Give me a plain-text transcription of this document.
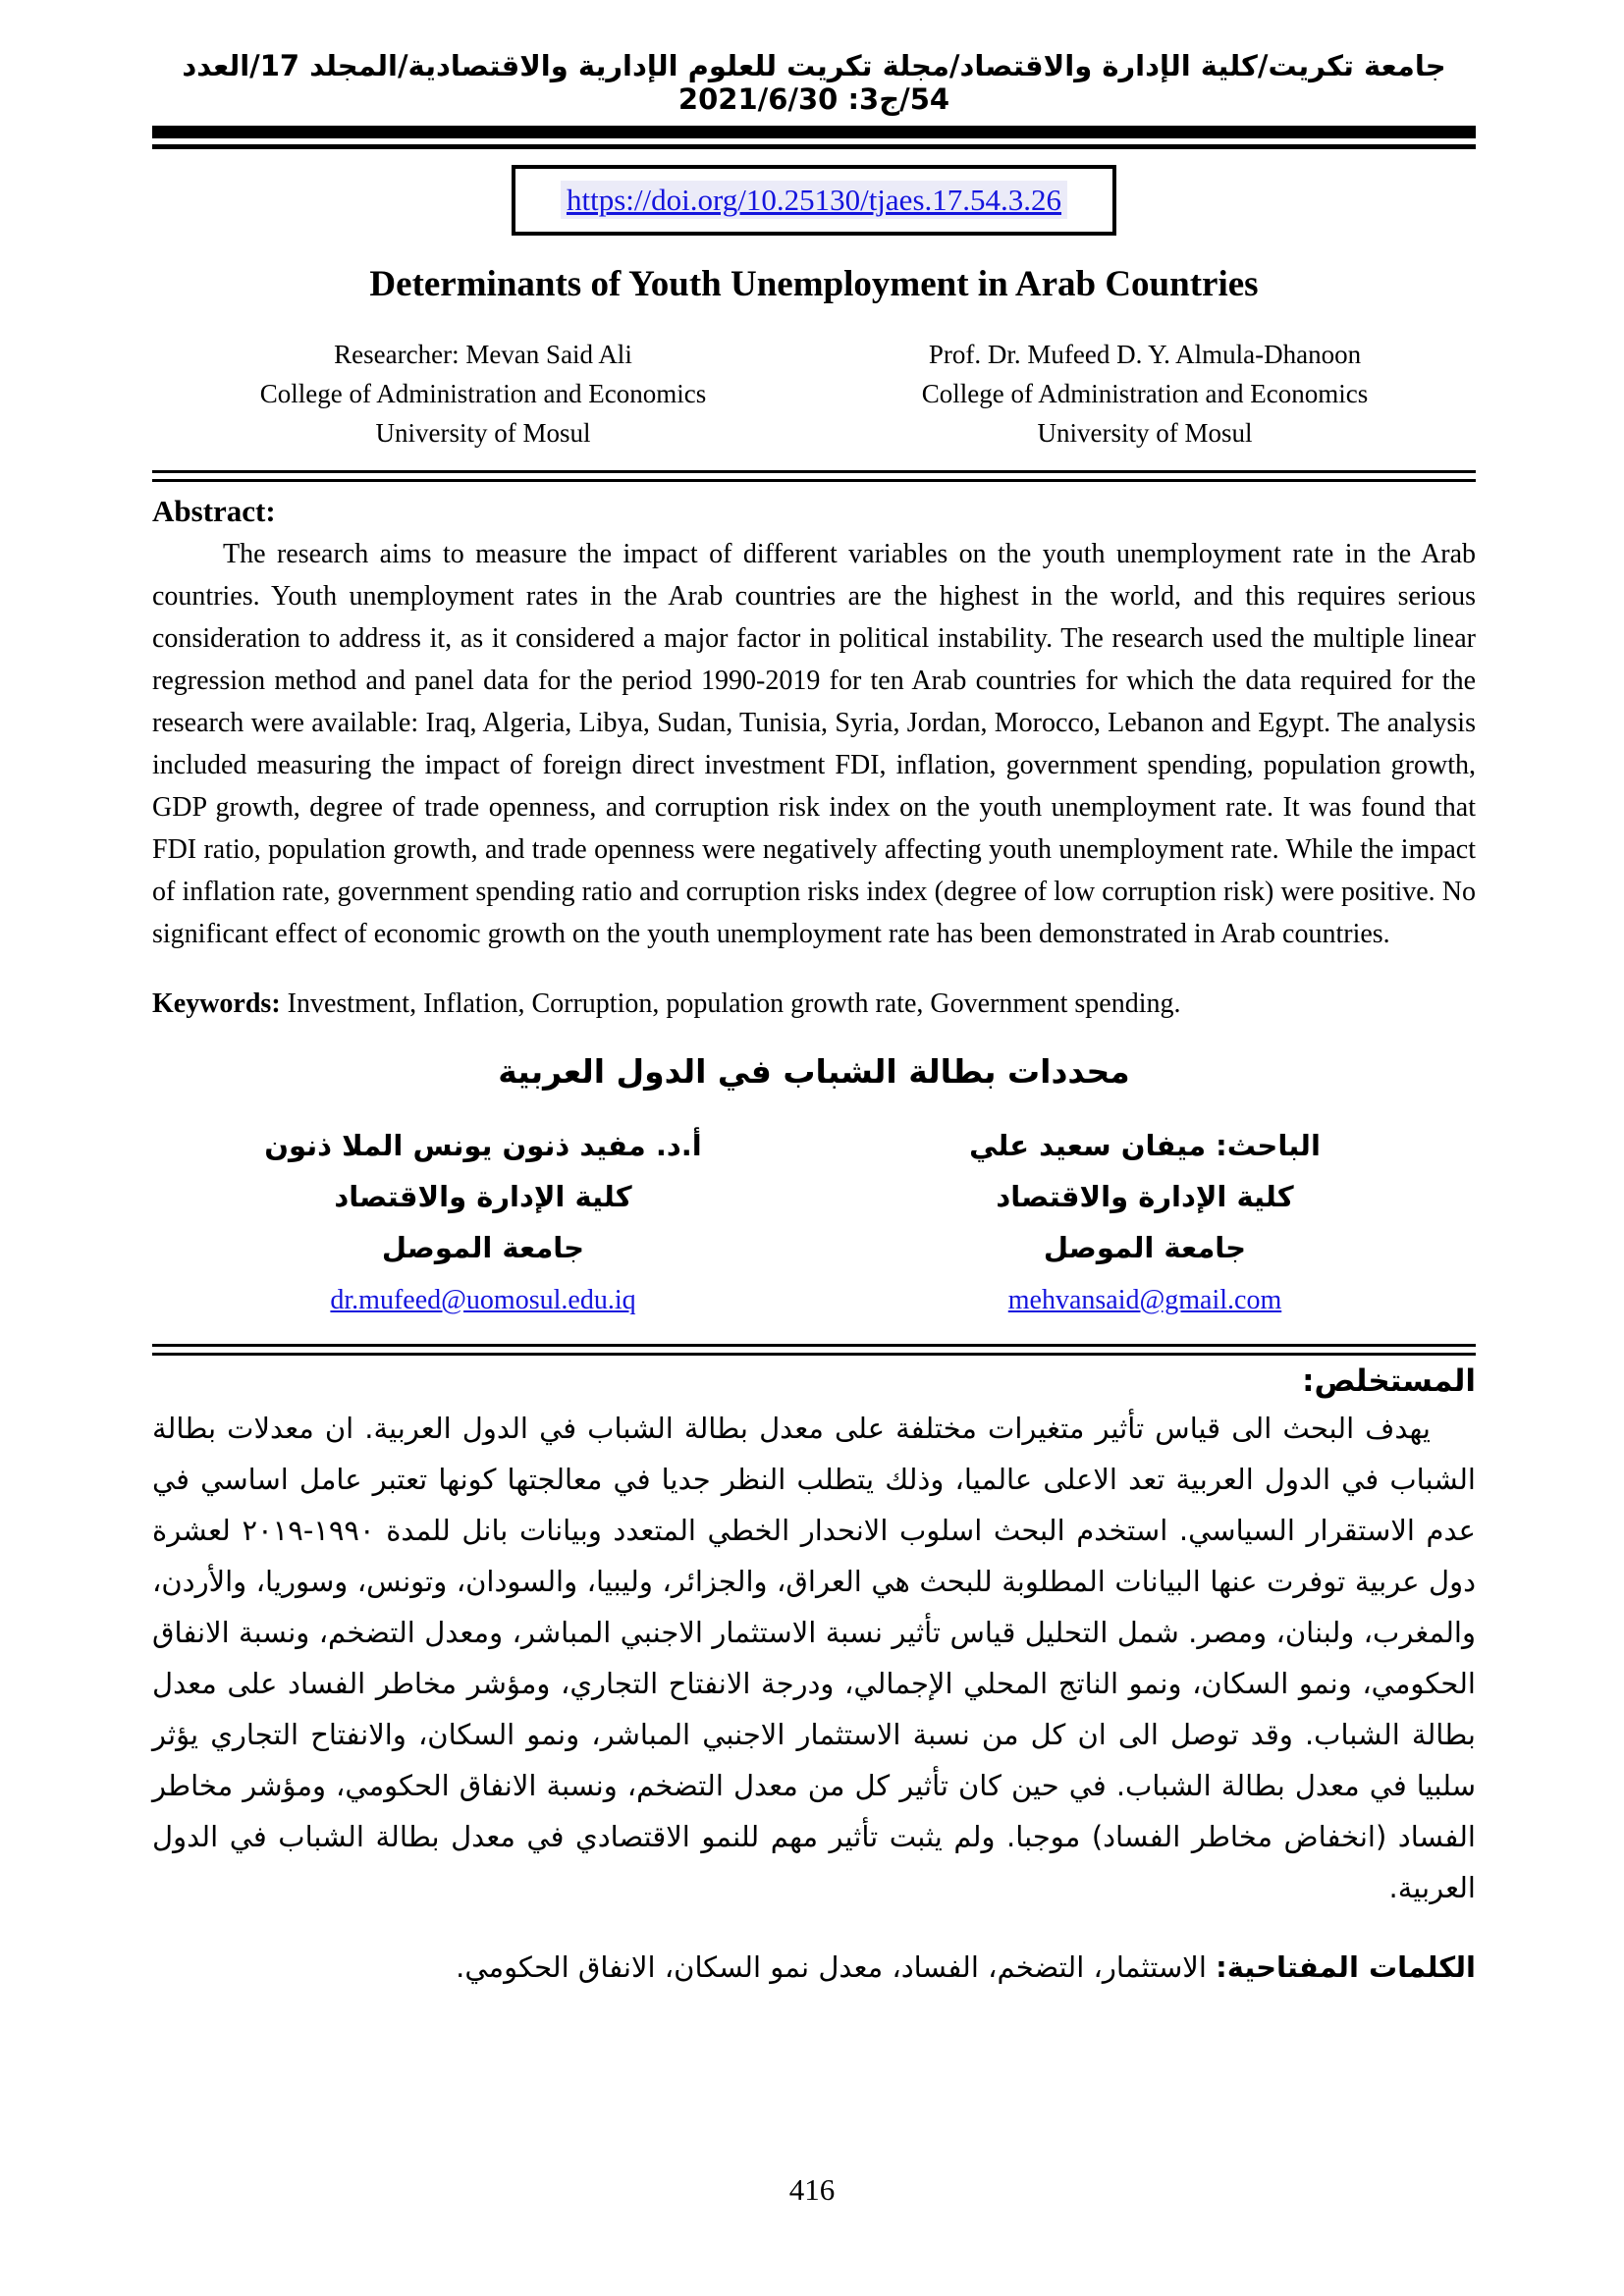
جامعة تكريت/كلية الإدارة والاقتصاد/مجلة تكريت للعلوم الإدارية والاقتصادية/المجلد 17/العدد 54/ج3: 2021/6/30
https://doi.org/10.25130/tjaes.17.54.3.26
Determinants of Youth Unemployment in Arab Countries
Researcher: Mevan Said Ali
College of Administration and Economics
University of Mosul
Prof. Dr. Mufeed D. Y. Almula-Dhanoon
College of Administration and Economics
University of Mosul
Abstract:

The research aims to measure the impact of different variables on the youth unemployment rate in the Arab countries. Youth unemployment rates in the Arab countries are the highest in the world, and this requires serious consideration to address it, as it considered a major factor in political instability. The research used the multiple linear regression method and panel data for the period 1990-2019 for ten Arab countries for which the data required for the research were available: Iraq, Algeria, Libya, Sudan, Tunisia, Syria, Jordan, Morocco, Lebanon and Egypt. The analysis included measuring the impact of foreign direct investment FDI, inflation, government spending, population growth, GDP growth, degree of trade openness, and corruption risk index on the youth unemployment rate. It was found that FDI ratio, population growth, and trade openness were negatively affecting youth unemployment rate. While the impact of inflation rate, government spending ratio and corruption risks index (degree of low corruption risk) were positive. No significant effect of economic growth on the youth unemployment rate has been demonstrated in Arab countries.

Keywords: Investment, Inflation, Corruption, population growth rate, Government spending.

محددات بطالة الشباب في الدول العربية
الباحث: ميفان سعيد علي
كلية الإدارة والاقتصاد
جامعة الموصل
mehvansaid@gmail.com
أ.د. مفيد ذنون يونس الملا ذنون
كلية الإدارة والاقتصاد
جامعة الموصل
dr.mufeed@uomosul.edu.iq
المستخلص:

يهدف البحث الى قياس تأثير متغيرات مختلفة على معدل بطالة الشباب في الدول العربية. ان معدلات بطالة الشباب في الدول العربية تعد الاعلى عالميا، وذلك يتطلب النظر جديا في معالجتها كونها تعتبر عامل اساسي في عدم الاستقرار السياسي. استخدم البحث اسلوب الانحدار الخطي المتعدد وبيانات بانل للمدة ١٩٩٠-٢٠١٩ لعشرة دول عربية توفرت عنها البيانات المطلوبة للبحث هي العراق، والجزائر، وليبيا، والسودان، وتونس، وسوريا، والأردن، والمغرب، ولبنان، ومصر. شمل التحليل قياس تأثير نسبة الاستثمار الاجنبي المباشر، ومعدل التضخم، ونسبة الانفاق الحكومي، ونمو السكان، ونمو الناتج المحلي الإجمالي، ودرجة الانفتاح التجاري، ومؤشر مخاطر الفساد على معدل بطالة الشباب. وقد توصل الى ان كل من نسبة الاستثمار الاجنبي المباشر، ونمو السكان، والانفتاح التجاري يؤثر سلبيا في معدل بطالة الشباب. في حين كان تأثير كل من معدل التضخم، ونسبة الانفاق الحكومي، ومؤشر مخاطر الفساد (انخفاض مخاطر الفساد) موجبا. ولم يثبت تأثير مهم للنمو الاقتصادي في معدل بطالة الشباب في الدول العربية.

الكلمات المفتاحية: الاستثمار، التضخم، الفساد، معدل نمو السكان، الانفاق الحكومي.

416
